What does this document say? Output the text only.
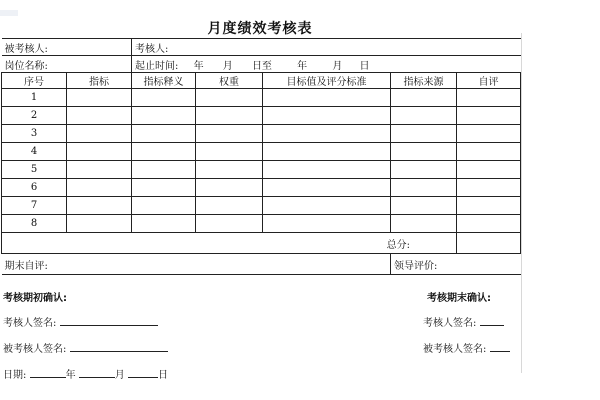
月度绩效考核表
被考核人:		考核人:				
岗位名称:		起止时间: 年 月 日至 年 月 日				
序号	指标	指标释义	权重	目标值及评分标准	指标来源	自评
1						
2						
3						
4						
5						
6						
7						
8						
总分:						
期末自评:					领导评价:	
考核期初确认:	考核期末确认:
考核人签名:	考核人签名:
被考核人签名:	被考核人签名:
日期:	年	月	日
